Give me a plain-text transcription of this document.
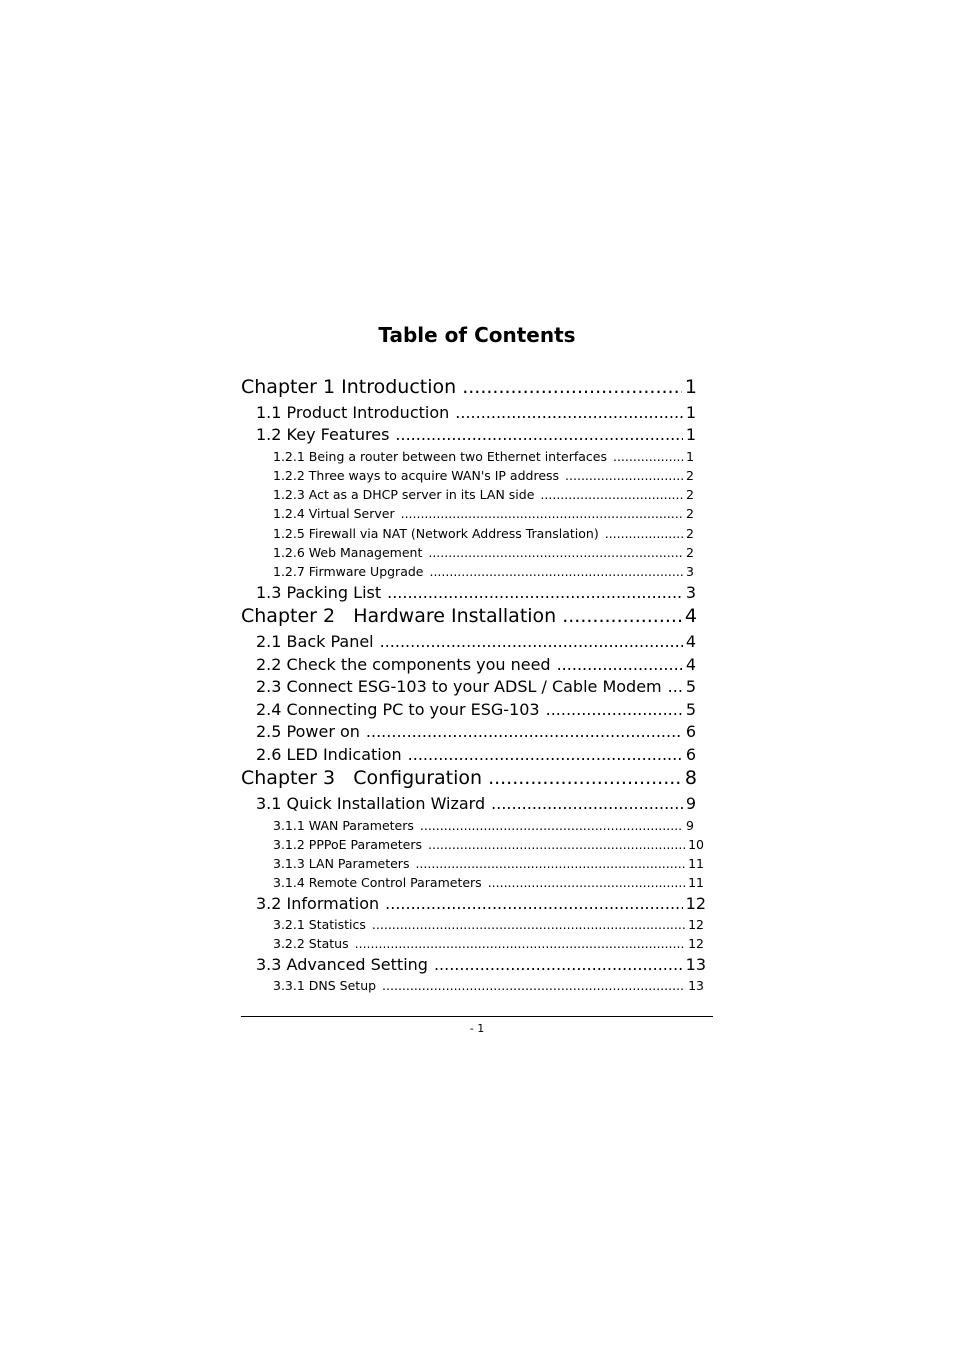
Table of Contents
Chapter 1 Introduction .....	1
1.1 Product Introduction .....	1
1.2 Key Features .....	1
1.2.1 Being a router between two Ethernet interfaces .....	1
1.2.2 Three ways to acquire WAN's IP address .....	2
1.2.3 Act as a DHCP server in its LAN side .....	2
1.2.4 Virtual Server .....	2
1.2.5 Firewall via NAT (Network Address Translation) .....	2
1.2.6 Web Management .....	2
1.2.7 Firmware Upgrade .....	3
1.3 Packing List .....	3
Chapter 2   Hardware Installation .....	4
2.1 Back Panel .....	4
2.2 Check the components you need .....	4
2.3 Connect ESG-103 to your ADSL / Cable Modem ..... 5
2.4 Connecting PC to your ESG-103 .....	5
2.5 Power on .....	6
2.6 LED Indication .....	6
Chapter 3   Configuration .....	8
3.1 Quick Installation Wizard .....	9
3.1.1 WAN Parameters .....	9
3.1.2 PPPoE Parameters .....	10
3.1.3 LAN Parameters .....	11
3.1.4 Remote Control Parameters .....	11
3.2 Information .....	12
3.2.1 Statistics .....	12
3.2.2 Status .....	12
3.3 Advanced Setting .....	13
3.3.1 DNS Setup .....	13
- 1
